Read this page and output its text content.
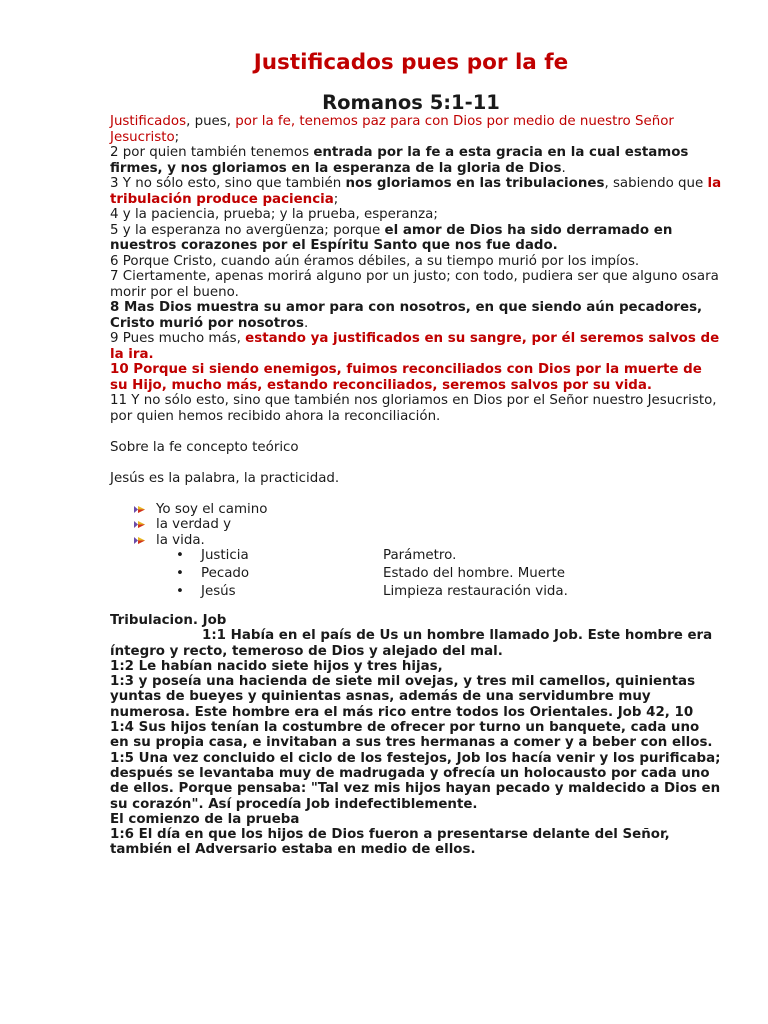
Justificados pues por la fe
Romanos 5:1-11

Justificados, pues, por la fe, tenemos paz para con Dios por medio de nuestro Señor Jesucristo;

2 por quien también tenemos entrada por la fe a esta gracia en la cual estamos firmes, y nos gloriamos en la esperanza de la gloria de Dios.

3 Y no sólo esto, sino que también nos gloriamos en las tribulaciones, sabiendo que la tribulación produce paciencia;

4 y la paciencia, prueba; y la prueba, esperanza;

5 y la esperanza no avergüenza; porque el amor de Dios ha sido derramado en nuestros corazones por el Espíritu Santo que nos fue dado.

6 Porque Cristo, cuando aún éramos débiles, a su tiempo murió por los impíos.

7 Ciertamente, apenas morirá alguno por un justo; con todo, pudiera ser que alguno osara morir por el bueno.

8 Mas Dios muestra su amor para con nosotros, en que siendo aún pecadores, Cristo murió por nosotros.

9 Pues mucho más, estando ya justificados en su sangre, por él seremos salvos de la ira.

10 Porque si siendo enemigos, fuimos reconciliados con Dios por la muerte de su Hijo, mucho más, estando reconciliados, seremos salvos por su vida.

11 Y no sólo esto, sino que también nos gloriamos en Dios por el Señor nuestro Jesucristo, por quien hemos recibido ahora la reconciliación.

Sobre la fe concepto teórico

Jesús es la palabra, la practicidad.

Yo soy el camino
la verdad y
la vida.
•	Justicia	Parámetro.
•	Pecado	Estado del hombre. Muerte
•	Jesús	Limpieza restauración vida.

Tribulacion. Job

1:1 Había en el país de Us un hombre llamado Job. Este hombre era íntegro y recto, temeroso de Dios y alejado del mal.

1:2 Le habían nacido siete hijos y tres hijas,

1:3 y poseía una hacienda de siete mil ovejas, y tres mil camellos, quinientas yuntas de bueyes y quinientas asnas, además de una servidumbre muy numerosa. Este hombre era el más rico entre todos los Orientales. Job 42, 10

1:4 Sus hijos tenían la costumbre de ofrecer por turno un banquete, cada uno en su propia casa, e invitaban a sus tres hermanas a comer y a beber con ellos.

1:5 Una vez concluido el ciclo de los festejos, Job los hacía venir y los purificaba; después se levantaba muy de madrugada y ofrecía un holocausto por cada uno de ellos. Porque pensaba: "Tal vez mis hijos hayan pecado y maldecido a Dios en su corazón". Así procedía Job indefectiblemente.

El comienzo de la prueba

1:6 El día en que los hijos de Dios fueron a presentarse delante del Señor, también el Adversario estaba en medio de ellos.
